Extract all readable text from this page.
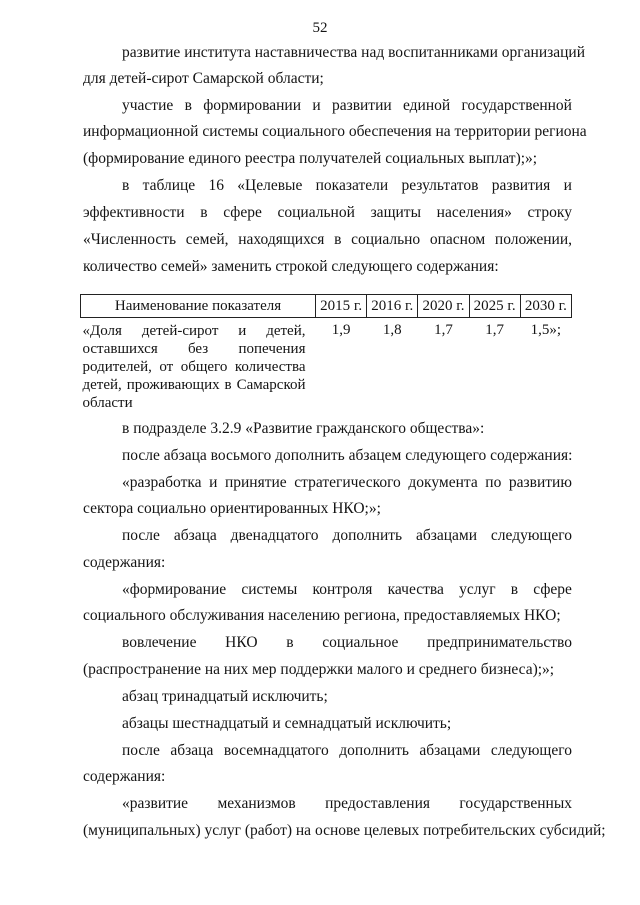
52
развитие института наставничества над воспитанниками организаций
для детей-сирот Самарской области;
участие в формировании и развитии единой государственной
информационной системы социального обеспечения на территории региона
(формирование единого реестра получателей социальных выплат);»;
в таблице 16 «Целевые показатели результатов развития и
эффективности в сфере социальной защиты населения» строку
«Численность семей, находящихся в социально опасном положении,
количество семей» заменить строкой следующего содержания:
Наименование показателя	2015 г.	2016 г.	2020 г.	2025 г.	2030 г.

«Доля детей-сирот и детей,
оставшихся без попечения
родителей, от общего количества
детей, проживающих в Самарской
области	1,9	1,8	1,7	1,7	1,5»;
в подразделе 3.2.9 «Развитие гражданского общества»:
после абзаца восьмого дополнить абзацем следующего содержания:
«разработка и принятие стратегического документа по развитию
сектора социально ориентированных НКО;»;
после абзаца двенадцатого дополнить абзацами следующего
содержания:
«формирование системы контроля качества услуг в сфере
социального обслуживания населению региона, предоставляемых НКО;
вовлечение НКО в социальное предпринимательство
(распространение на них мер поддержки малого и среднего бизнеса);»;
абзац тринадцатый исключить;
абзацы шестнадцатый и семнадцатый исключить;
после абзаца восемнадцатого дополнить абзацами следующего
содержания:
«развитие механизмов предоставления государственных
(муниципальных) услуг (работ) на основе целевых потребительских субсидий;
